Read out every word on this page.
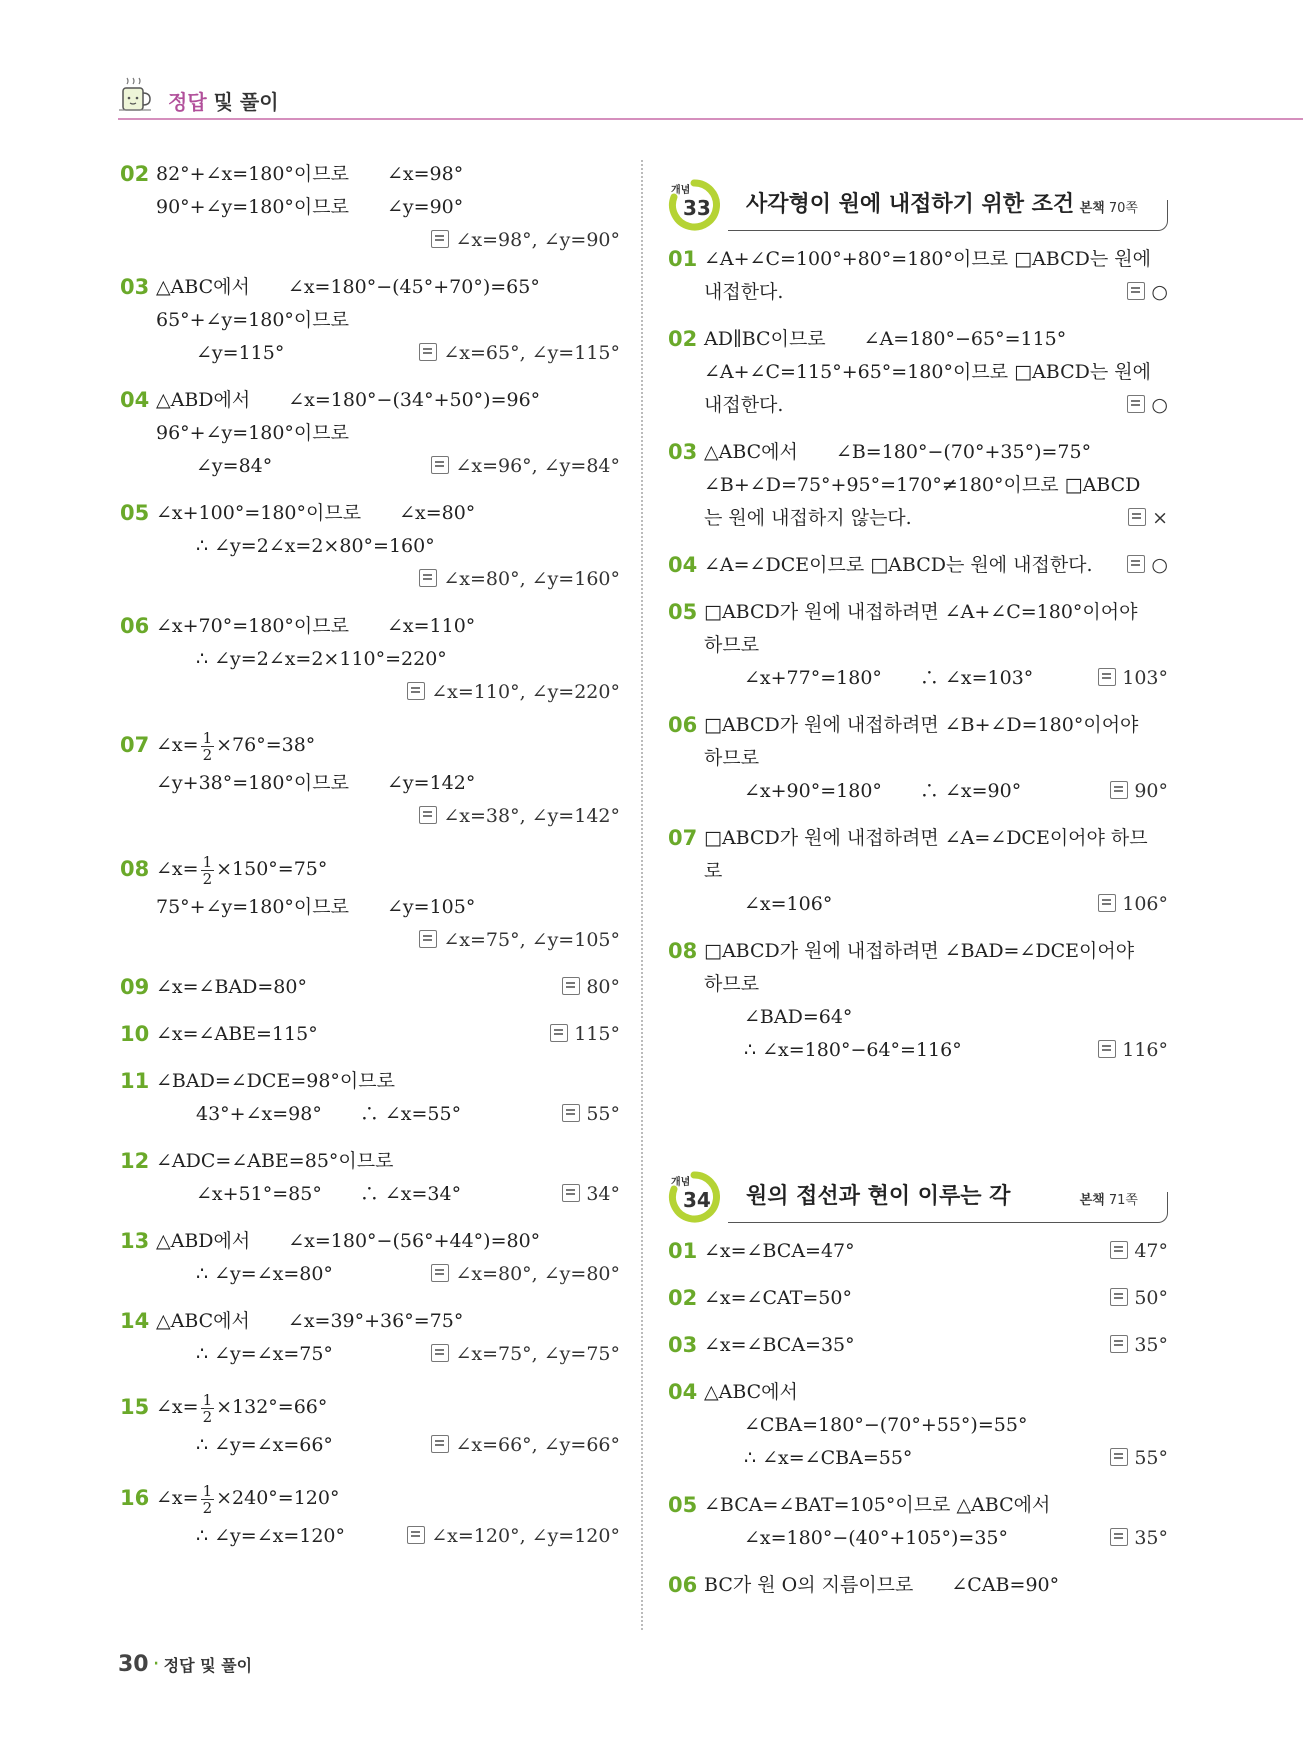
정답 및 풀이
02 82°+∠x=180°이므로　　∠x=98°
90°+∠y=180°이므로　　∠y=90°
∠x=98°, ∠y=90°
03 △ABC에서　　∠x=180°−(45°+70°)=65°
65°+∠y=180°이므로
∠y=115°	∠x=65°, ∠y=115°
04 △ABD에서　　∠x=180°−(34°+50°)=96°
96°+∠y=180°이므로
∠y=84°	∠x=96°, ∠y=84°
05 ∠x+100°=180°이므로　　∠x=80°
∴ ∠y=2∠x=2×80°=160°
∠x=80°, ∠y=160°
06 ∠x+70°=180°이므로　　∠x=110°
∴ ∠y=2∠x=2×110°=220°
∠x=110°, ∠y=220°
07 ∠x= $\frac{1}{2} \times 76^\circ=38^\circ$
∠y+38°=180°이므로　　∠y=142°
∠x=38°, ∠y=142°
08 ∠x= $\frac{1}{2} \times 150^\circ=75^\circ$
75°+∠y=180°이므로　　∠y=105°
∠x=75°, ∠y=105°
09 ∠x=∠BAD=80°	80°
10 ∠x=∠ABE=115°	115°
11 ∠BAD=∠DCE=98°이므로
43°+∠x=98°　　∴ ∠x=55°	55°
12 ∠ADC=∠ABE=85°이므로
∠x+51°=85°　　∴ ∠x=34°	34°
13 △ABD에서　　∠x=180°−(56°+44°)=80°
∴ ∠y=∠x=80°	∠x=80°, ∠y=80°
14 △ABC에서　　∠x=39°+36°=75°
∴ ∠y=∠x=75°	∠x=75°, ∠y=75°
15 ∠x= $\frac{1}{2} \times 132^\circ=66^\circ$
∴ ∠y=∠x=66°	∠x=66°, ∠y=66°
16 ∠x= $\frac{1}{2} \times 240^\circ=120^\circ$
∴ ∠y=∠x=120°	∠x=120°, ∠y=120°
개념
33 사각형이 원에 내접하기 위한 조건 본책 70쪽
01 ∠A+∠C=100°+80°=180°이므로 □ABCD는 원에
내접한다.	○
02 AD∥BC이므로　　∠A=180°−65°=115°
∠A+∠C=115°+65°=180°이므로 □ABCD는 원에
내접한다.	○
03 △ABC에서　　∠B=180°−(70°+35°)=75°
∠B+∠D=75°+95°=170°≠180°이므로 □ABCD
는 원에 내접하지 않는다.	×
04 ∠A=∠DCE이므로 □ABCD는 원에 내접한다.	○
05 □ABCD가 원에 내접하려면 ∠A+∠C=180°이어야
하므로
∠x+77°=180°　　∴ ∠x=103°	103°
06 □ABCD가 원에 내접하려면 ∠B+∠D=180°이어야
하므로
∠x+90°=180°　　∴ ∠x=90°	90°
07 □ABCD가 원에 내접하려면 ∠A=∠DCE이어야 하므
로
∠x=106°	106°
08 □ABCD가 원에 내접하려면 ∠BAD=∠DCE이어야
하므로
∠BAD=64°
∴ ∠x=180°−64°=116°	116°
개념
34 원의 접선과 현이 이루는 각	본책 71쪽
01 ∠x=∠BCA=47°	47°
02 ∠x=∠CAT=50°	50°
03 ∠x=∠BCA=35°	35°
04 △ABC에서
∠CBA=180°−(70°+55°)=55°
∴ ∠x=∠CBA=55°	55°
05 ∠BCA=∠BAT=105°이므로 △ABC에서
∠x=180°−(40°+105°)=35°	35°
06 BC가 원 O의 지름이므로　　∠CAB=90°
30 · 정답 및 풀이
